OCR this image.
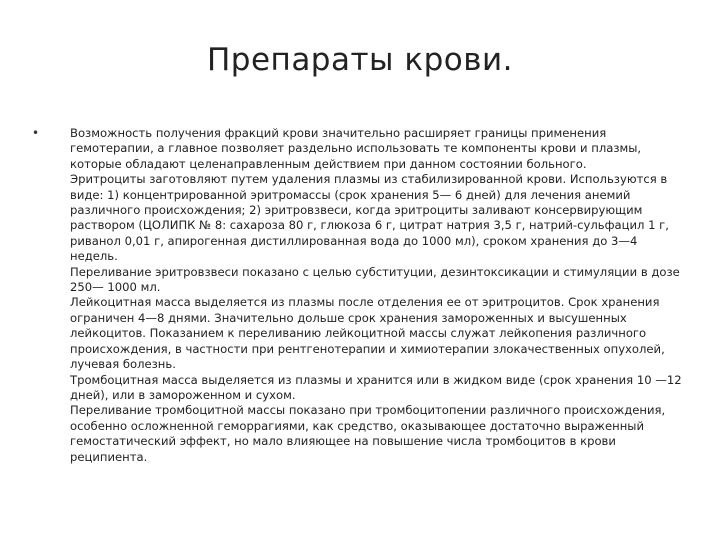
Препараты крови.
•	Возможность получения фракций крови значительно расширяет границы применения гемотерапии, а главное позволяет раздельно использовать те компоненты крови и плазмы, которые обладают целенаправленным действием при данном состоянии больного.

Эритроциты заготовляют путем удаления плазмы из стабилизированной крови. Используются в виде: 1) концентрированной эритромассы (срок хранения 5— 6 дней) для лечения анемий различного происхождения; 2) эритровзвеси, когда эритроциты заливают консервирующим раствором (ЦОЛИПК № 8: сахароза 80 г, глюкоза 6 г, цитрат натрия 3,5 г, натрий-сульфацил 1 г, риванол 0,01 г, апирогенная дистиллированная вода до 1000 мл), сроком хранения до 3—4 недель.

Переливание эритровзвеси показано с целью субституции, дезинтоксикации и стимуляции в дозе 250— 1000 мл.

Лейкоцитная масса выделяется из плазмы после отделения ее от эритроцитов. Срок хранения ограничен 4—8 днями. Значительно дольше срок хранения замороженных и высушенных лейкоцитов. Показанием к переливанию лейкоцитной массы служат лейкопения различного происхождения, в частности при рентгенотерапии и химиотерапии злокачественных опухолей, лучевая болезнь.

Тромбоцитная масса выделяется из плазмы и хранится или в жидком виде (срок хранения 10 —12 дней), или в замороженном и сухом.

Переливание тромбоцитной массы показано при тромбоцитопении различного происхождения, особенно осложненной геморрагиями, как средство, оказывающее достаточно выраженный гемостатический эффект, но мало влияющее на повышение числа тромбоцитов в крови реципиента.
